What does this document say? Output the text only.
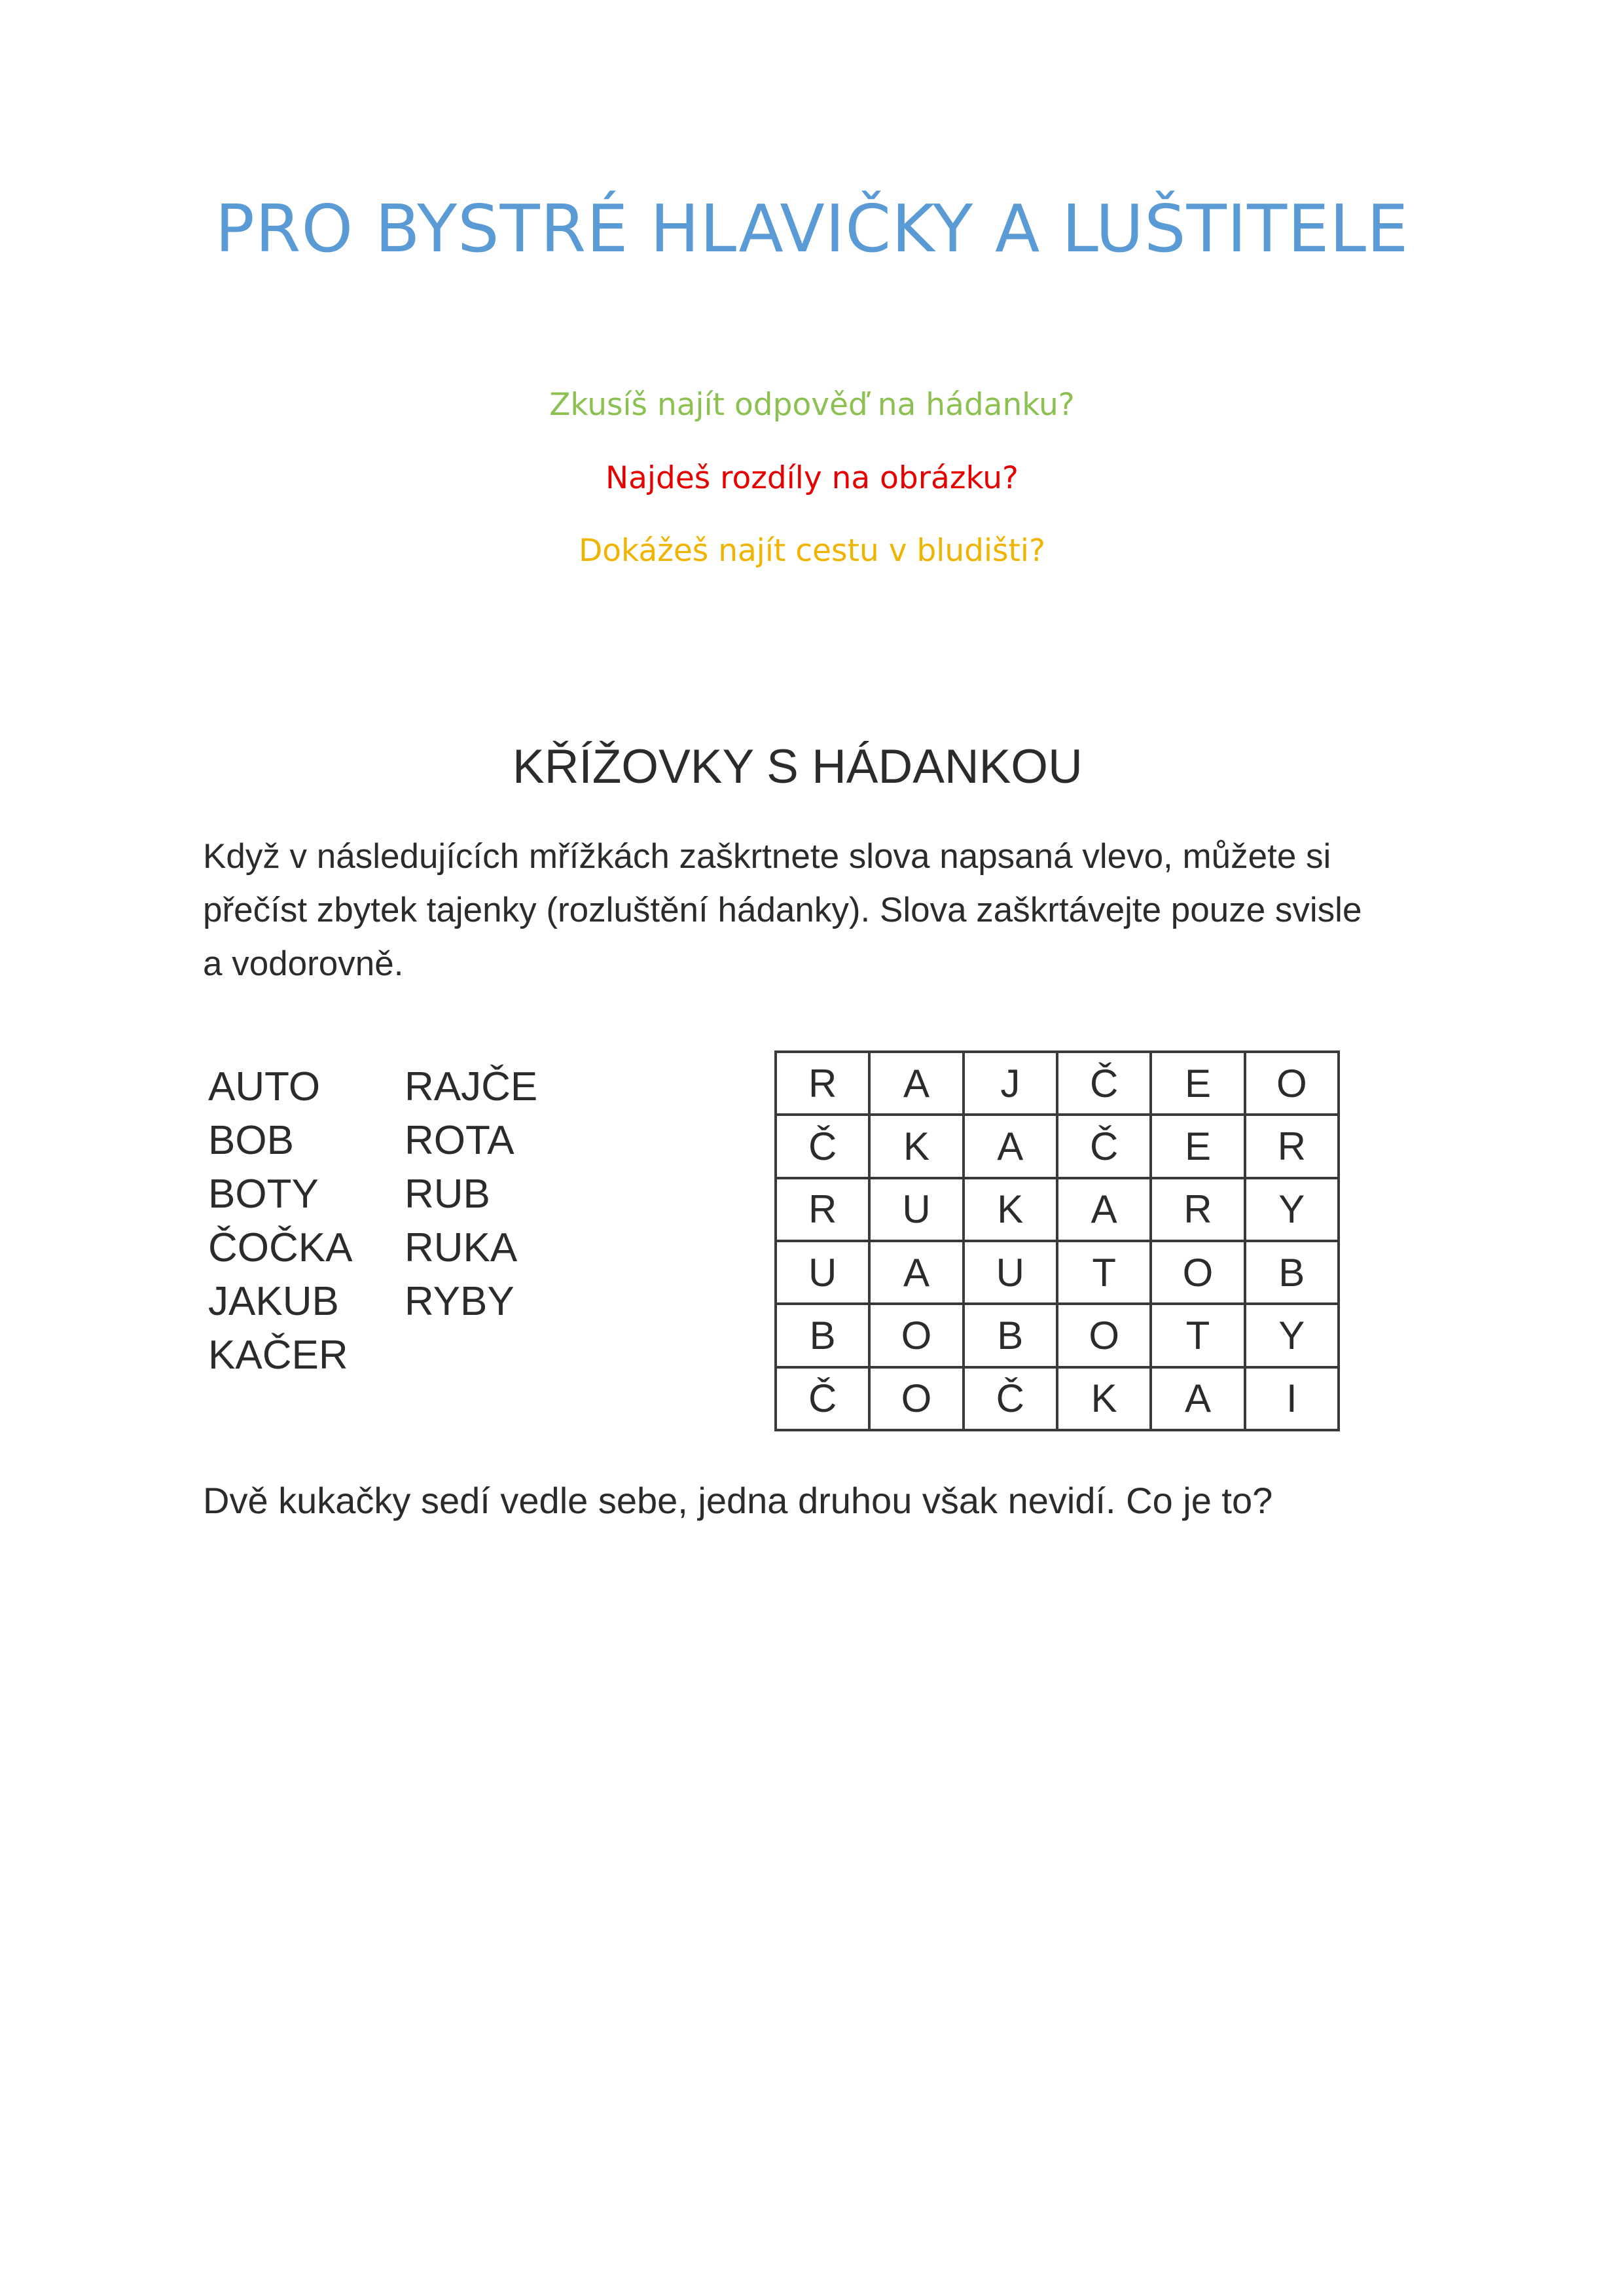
PRO BYSTRÉ HLAVIČKY A LUŠTITELE
Zkusíš najít odpověď na hádanku?
Najdeš rozdíly na obrázku?
Dokážeš najít cestu v bludišti?
KŘÍŽOVKY S HÁDANKOU
Když v následujících mřížkách zaškrtnete slova napsaná vlevo, můžete si přečíst zbytek tajenky (rozluštění hádanky). Slova zaškrtávejte pouze svisle a vodorovně.
AUTO
BOB
BOTY
ČOČKA
JAKUB
KAČER
RAJČE
ROTA
RUB
RUKA
RYBY
R	A	J	Č	E	O
Č	K	A	Č	E	R
R	U	K	A	R	Y
U	A	U	T	O	B
B	O	B	O	T	Y
Č	O	Č	K	A	I
Dvě kukačky sedí vedle sebe, jedna druhou však nevidí. Co je to?
